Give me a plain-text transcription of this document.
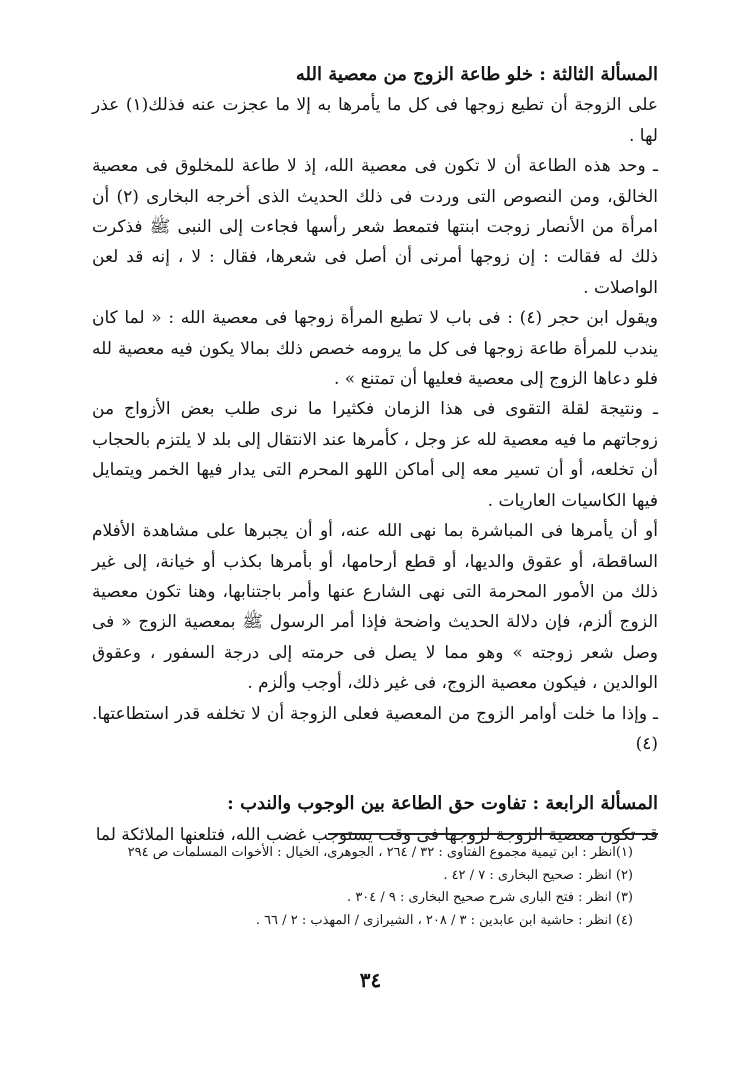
المسألة الثالثة : خلو طاعة الزوج من معصية الله

على الزوجة أن تطيع زوجها فى كل ما يأمرها به إلا ما عجزت عنه فذلك(١) عذر لها .

ـ وحد هذه الطاعة أن لا تكون فى معصية الله، إذ لا طاعة للمخلوق فى معصية الخالق، ومن النصوص التى وردت فى ذلك الحديث الذى أخرجه البخارى (٢) أن امرأة من الأنصار زوجت ابنتها فتمعط شعر رأسها فجاءت إلى النبى ﷺ فذكرت ذلك له فقالت : إن زوجها أمرنى أن أصل فى شعرها، فقال : لا ، إنه قد لعن الواصلات .

ويقول ابن حجر (٤) : فى باب لا تطيع المرأة زوجها فى معصية الله : « لما كان يندب للمرأة طاعة زوجها فى كل ما يرومه خصص ذلك بمالا يكون فيه معصية لله فلو دعاها الزوج إلى معصية فعليها أن تمتنع » .

ـ ونتيجة لقلة التقوى فى هذا الزمان فكثيرا ما نرى طلب بعض الأزواج من زوجاتهم ما فيه معصية لله عز وجل ، كأمرها عند الانتقال إلى بلد لا يلتزم بالحجاب أن تخلعه، أو أن تسير معه إلى أماكن اللهو المحرم التى يدار فيها الخمر ويتمايل فيها الكاسيات العاريات .

أو أن يأمرها فى المباشرة بما نهى الله عنه، أو أن يجبرها على مشاهدة الأفلام الساقطة، أو عقوق والديها، أو قطع أرحامها، أو بأمرها بكذب أو خيانة، إلى غير ذلك من الأمور المحرمة التى نهى الشارع عنها وأمر باجتنابها، وهنا تكون معصية الزوج ألزم، فإن دلالة الحديث واضحة فإذا أمر الرسول ﷺ بمعصية الزوج « فى وصل شعر زوجته » وهو مما لا يصل فى حرمته إلى درجة السفور ، وعقوق الوالدين ، فيكون معصية الزوج، فى غير ذلك، أوجب وألزم .

ـ وإذا ما خلت أوامر الزوج من المعصية فعلى الزوجة أن لا تخلفه قدر استطاعتها.(٤)

المسألة الرابعة : تفاوت حق الطاعة بين الوجوب والندب :

قد تكون معصية الزوجة لزوجها فى وقت يستوجب غضب الله، فتلعنها الملائكة لما

(١)انظر : ابن تيمية مجموع الفتاوى : ٣٢ / ٢٦٤ ، الجوهرى، الخيال : الأخوات المسلمات ص ٢٩٤

(٢) انظر : صحيح البخارى : ٧ / ٤٢ .

(٣) انظر : فتح البارى شرح صحيح البخارى : ٩ / ٣٠٤ .

(٤) انظر : حاشية ابن عابدين : ٣ / ٢٠٨ ، الشيرازى / المهذب : ٢ / ٦٦ .

٣٤
